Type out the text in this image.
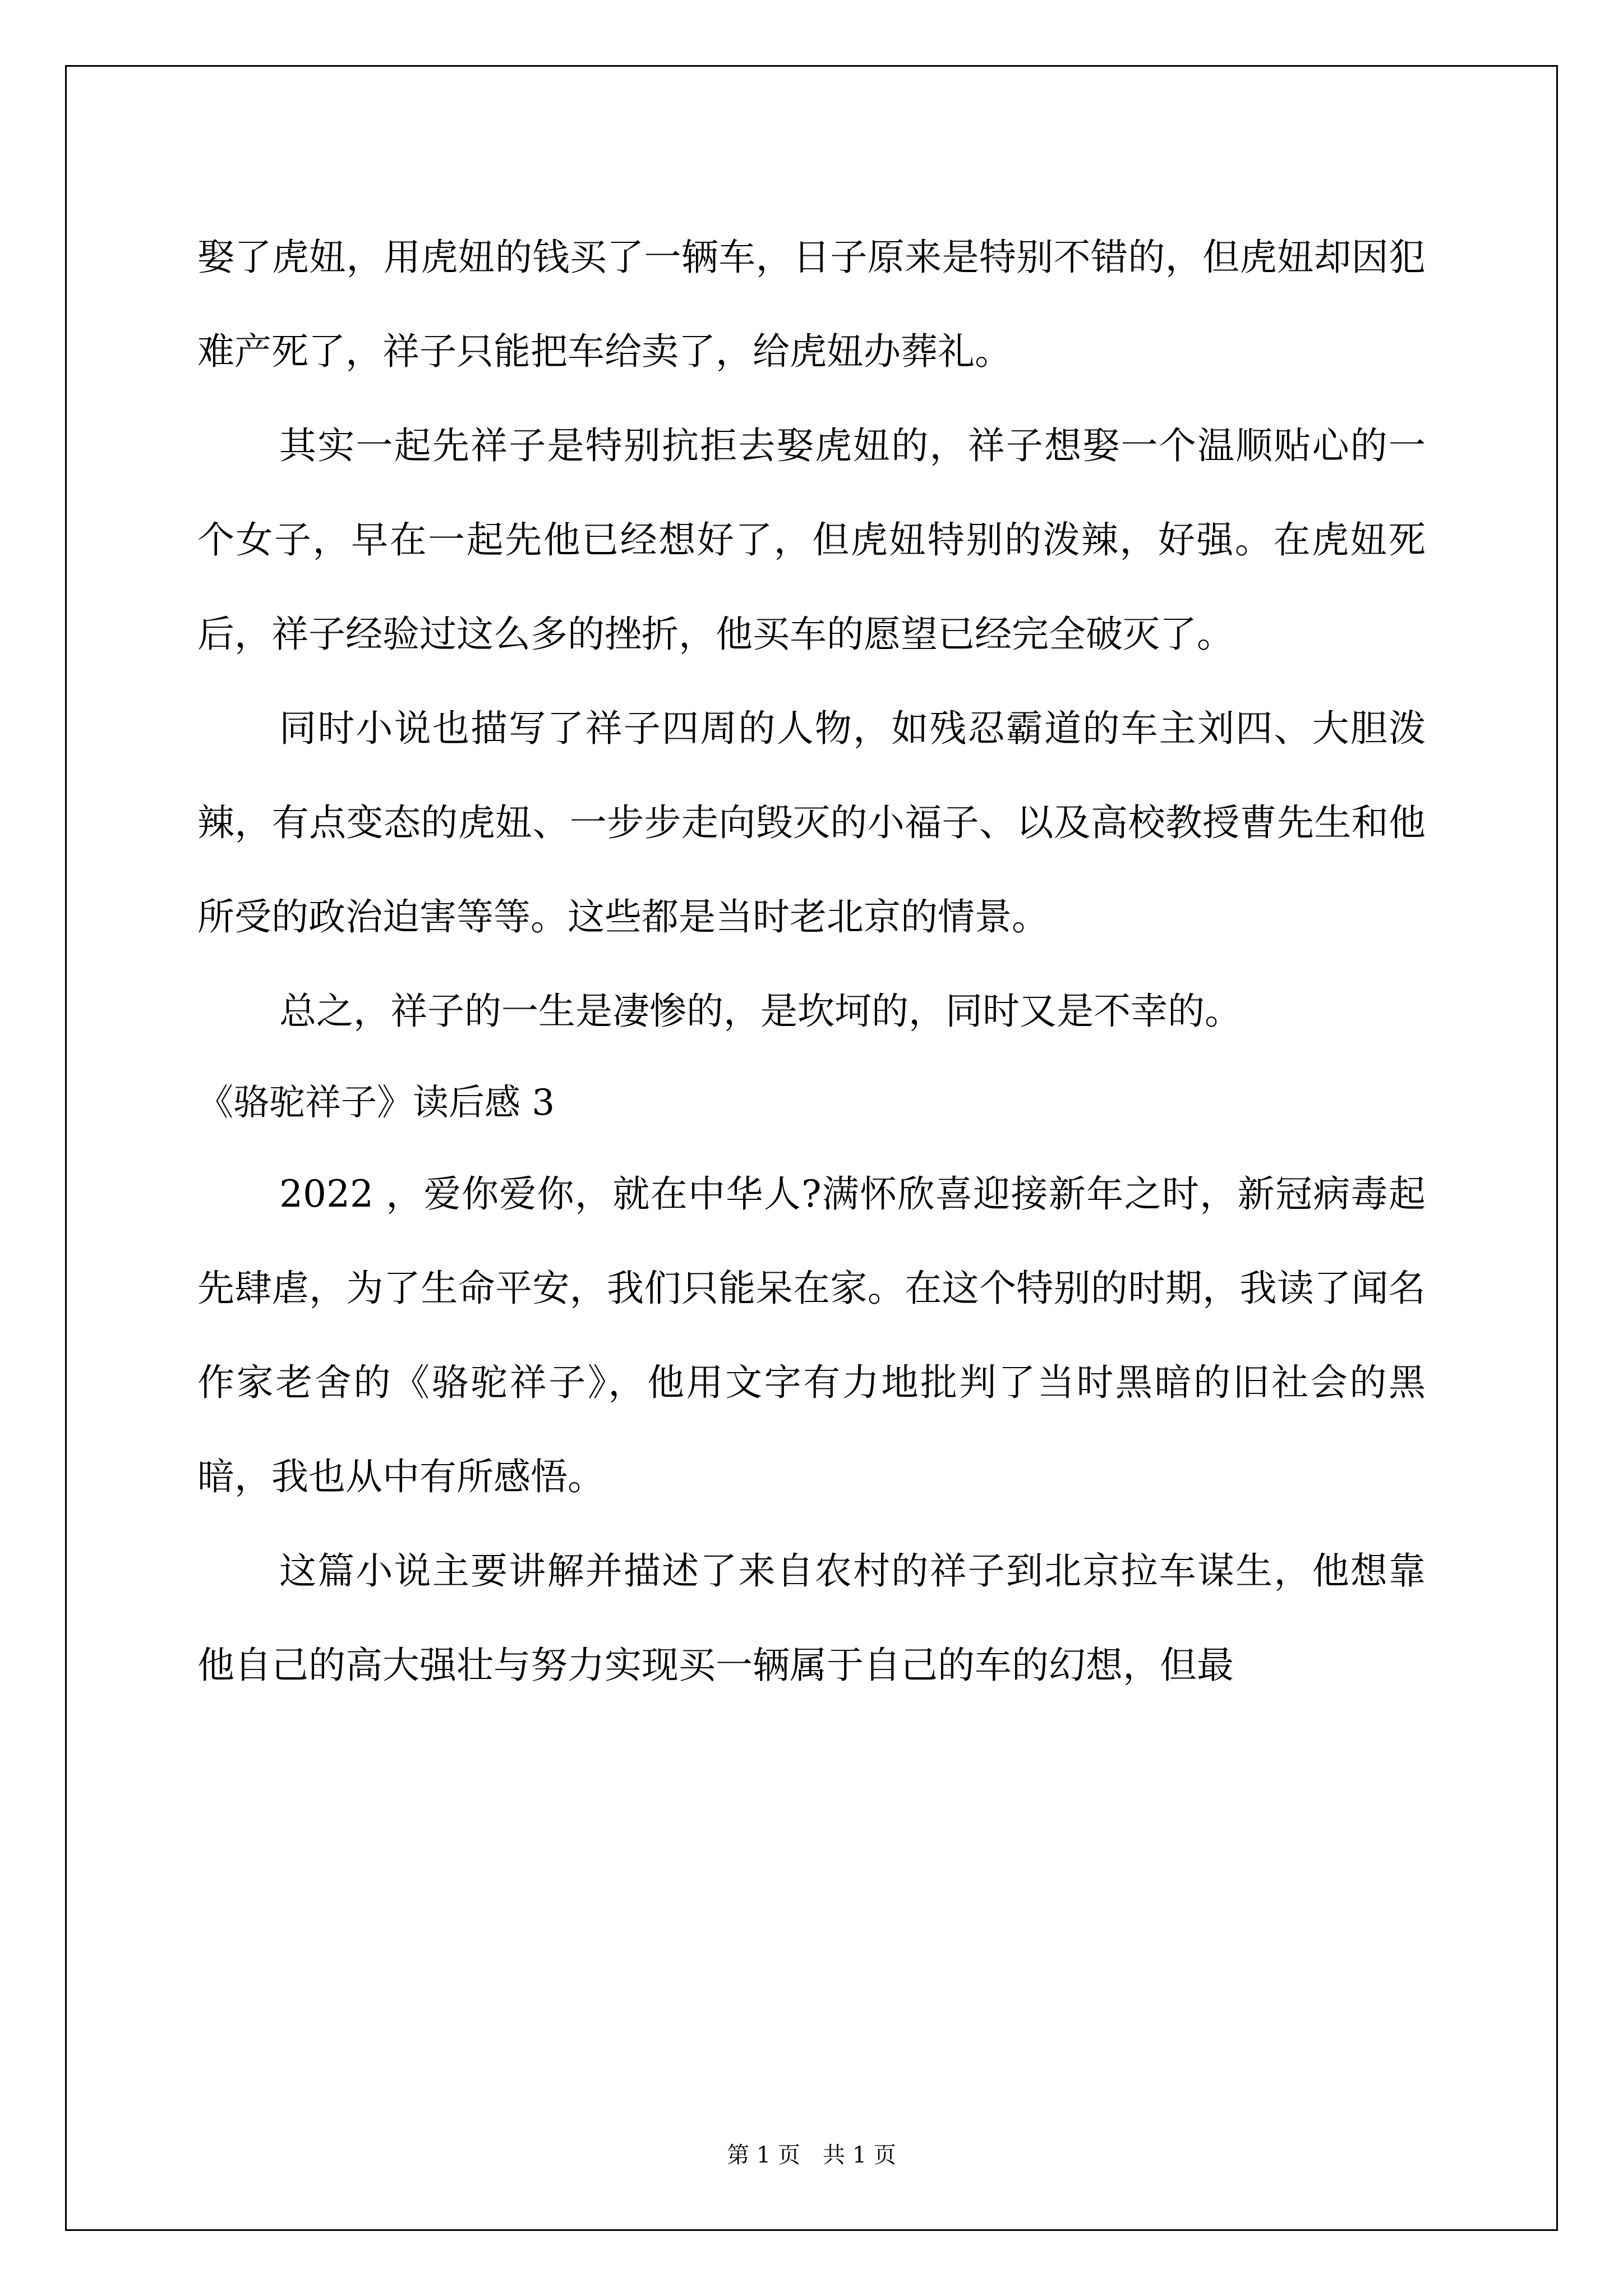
娶了虎妞，用虎妞的钱买了一辆车，日子原来是特别不错的，但虎妞却因犯难产死了，祥子只能把车给卖了，给虎妞办葬礼。

其实一起先祥子是特别抗拒去娶虎妞的，祥子想娶一个温顺贴心的一个女子，早在一起先他已经想好了，但虎妞特别的泼辣，好强。在虎妞死后，祥子经验过这么多的挫折，他买车的愿望已经完全破灭了。

同时小说也描写了祥子四周的人物，如残忍霸道的车主刘四、大胆泼辣，有点变态的虎妞、一步步走向毁灭的小福子、以及高校教授曹先生和他所受的政治迫害等等。这些都是当时老北京的情景。

总之，祥子的一生是凄惨的，是坎坷的，同时又是不幸的。

《骆驼祥子》读后感 3

2022 ，爱你爱你，就在中华人?满怀欣喜迎接新年之时，新冠病毒起先肆虐，为了生命平安，我们只能呆在家。在这个特别的时期，我读了闻名作家老舍的《骆驼祥子》，他用文字有力地批判了当时黑暗的旧社会的黑暗，我也从中有所感悟。

这篇小说主要讲解并描述了来自农村的祥子到北京拉车谋生，他想靠他自己的高大强壮与努力实现买一辆属于自己的车的幻想，但最

第 1 页　共 1 页
